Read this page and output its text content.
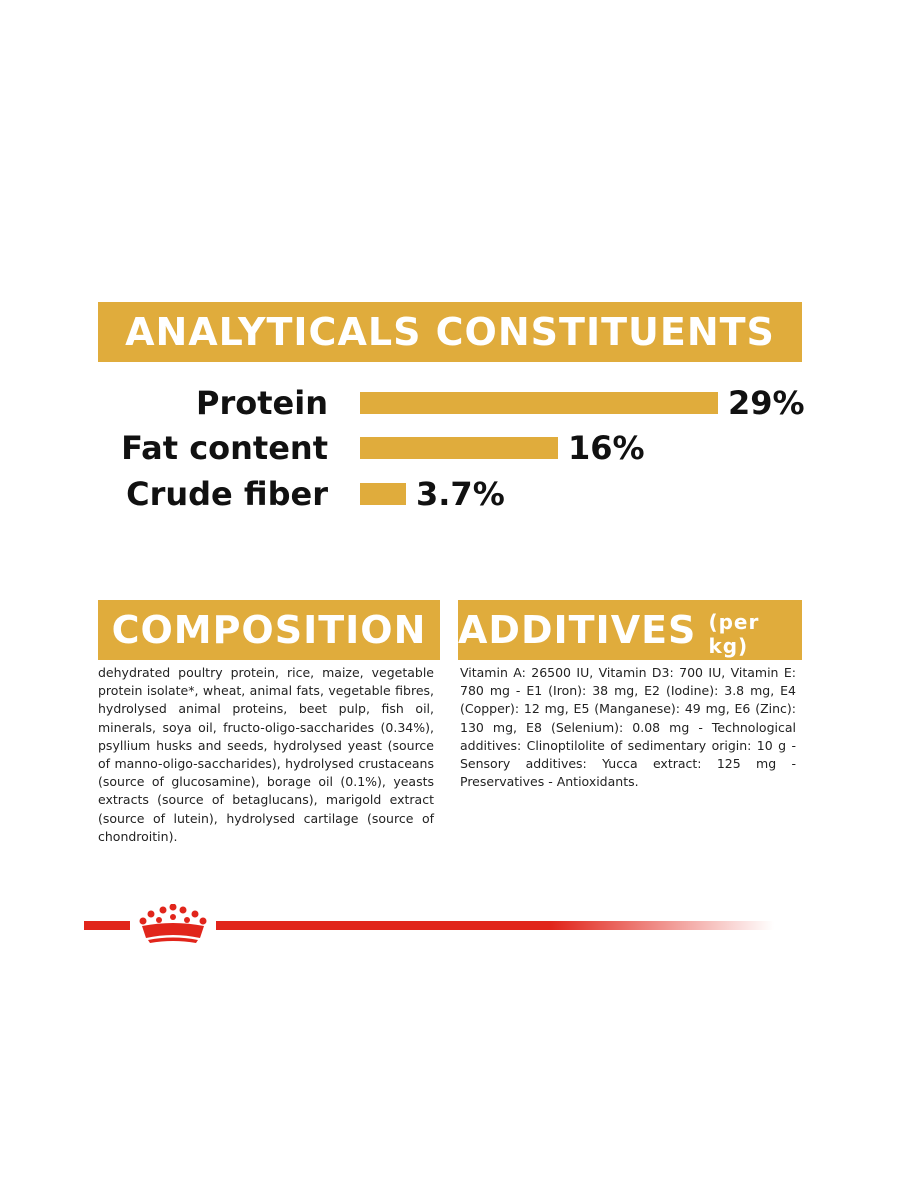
ANALYTICALS CONSTITUENTS
Protein	29%
Fat content	16%
Crude fiber	3.7%
COMPOSITION ADDITIVES (per kg)
dehydrated poultry protein, rice, maize, vegetable protein isolate*, wheat, animal fats, vegetable fibres, hydrolysed animal proteins, beet pulp, fish oil, minerals, soya oil, fructo-oligo-saccharides (0.34%), psyllium husks and seeds, hydrolysed yeast (source of manno-oligo-saccharides), hydrolysed crustaceans (source of glucosamine), borage oil (0.1%), yeasts extracts (source of betaglucans), marigold extract (source of lutein), hydrolysed cartilage (source of chondroitin).
Vitamin A: 26500 IU, Vitamin D3: 700 IU, Vitamin E: 780 mg - E1 (Iron): 38 mg, E2 (Iodine): 3.8 mg, E4 (Copper): 12 mg, E5 (Manganese): 49 mg, E6 (Zinc): 130 mg, E8 (Selenium): 0.08 mg - Technological additives: Clinoptilolite of sedimentary origin: 10 g - Sensory additives: Yucca extract: 125 mg - Preservatives - Antioxidants.
